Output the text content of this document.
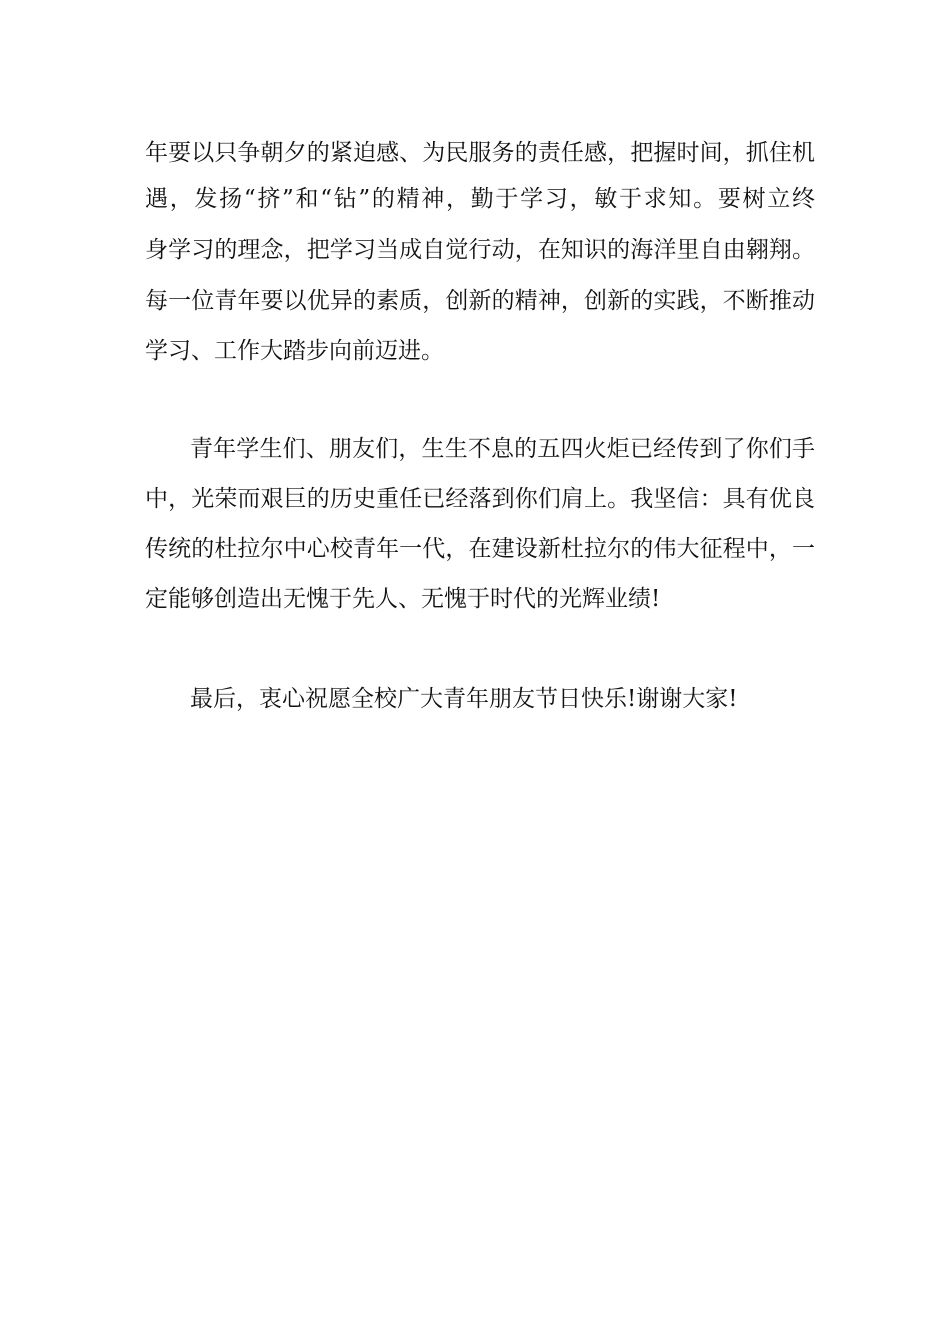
年要以只争朝夕的紧迫感、为民服务的责任感，把握时间，抓住机
遇，发扬“挤”和“钻”的精神，勤于学习，敏于求知。要树立终
身学习的理念，把学习当成自觉行动，在知识的海洋里自由翱翔。
每一位青年要以优异的素质，创新的精神，创新的实践，不断推动
学习、工作大踏步向前迈进。
青年学生们、朋友们，生生不息的五四火炬已经传到了你们手
中，光荣而艰巨的历史重任已经落到你们肩上。我坚信：具有优良
传统的杜拉尔中心校青年一代，在建设新杜拉尔的伟大征程中，一
定能够创造出无愧于先人、无愧于时代的光辉业绩!
最后，衷心祝愿全校广大青年朋友节日快乐!谢谢大家!
